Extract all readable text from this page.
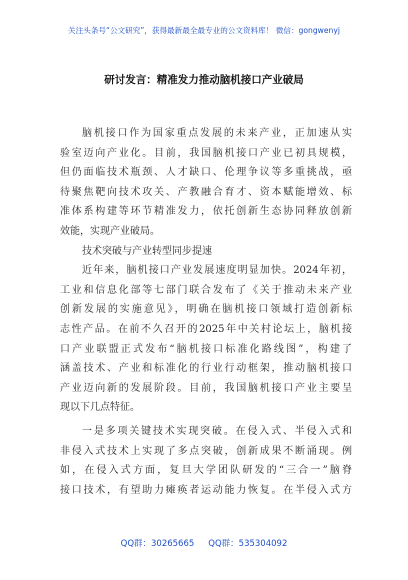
关注头条号“公文研究”，获得最新最全最专业的公文资料库！ 微信：gongwenyj
研讨发言：精准发力推动脑机接口产业破局
脑机接口作为国家重点发展的未来产业，正加速从实
验室迈向产业化。目前，我国脑机接口产业已初具规模，
但仍面临技术瓶颈、人才缺口、伦理争议等多重挑战，亟
待聚焦靶向技术攻关、产教融合育才、资本赋能增效、标
准体系构建等环节精准发力，依托创新生态协同释放创新
效能，实现产业破局。
技术突破与产业转型同步提速
近年来，脑机接口产业发展速度明显加快。2024年初，
工业和信息化部等七部门联合发布了《关于推动未来产业
创新发展的实施意见》，明确在脑机接口领域打造创新标
志性产品。在前不久召开的2025年中关村论坛上，脑机接
口产业联盟正式发布“脑机接口标准化路线图”，构建了
涵盖技术、产业和标准化的行业行动框架，推动脑机接口
产业迈向新的发展阶段。目前，我国脑机接口产业主要呈
现以下几点特征。
一是多项关键技术实现突破。在侵入式、半侵入式和
非侵入式技术上实现了多点突破，创新成果不断涌现。例
如，在侵入式方面，复旦大学团队研发的“三合一”脑脊
接口技术，有望助力瘫痪者运动能力恢复。在半侵入式方
QQ群：30265665 QQ群：535304092
